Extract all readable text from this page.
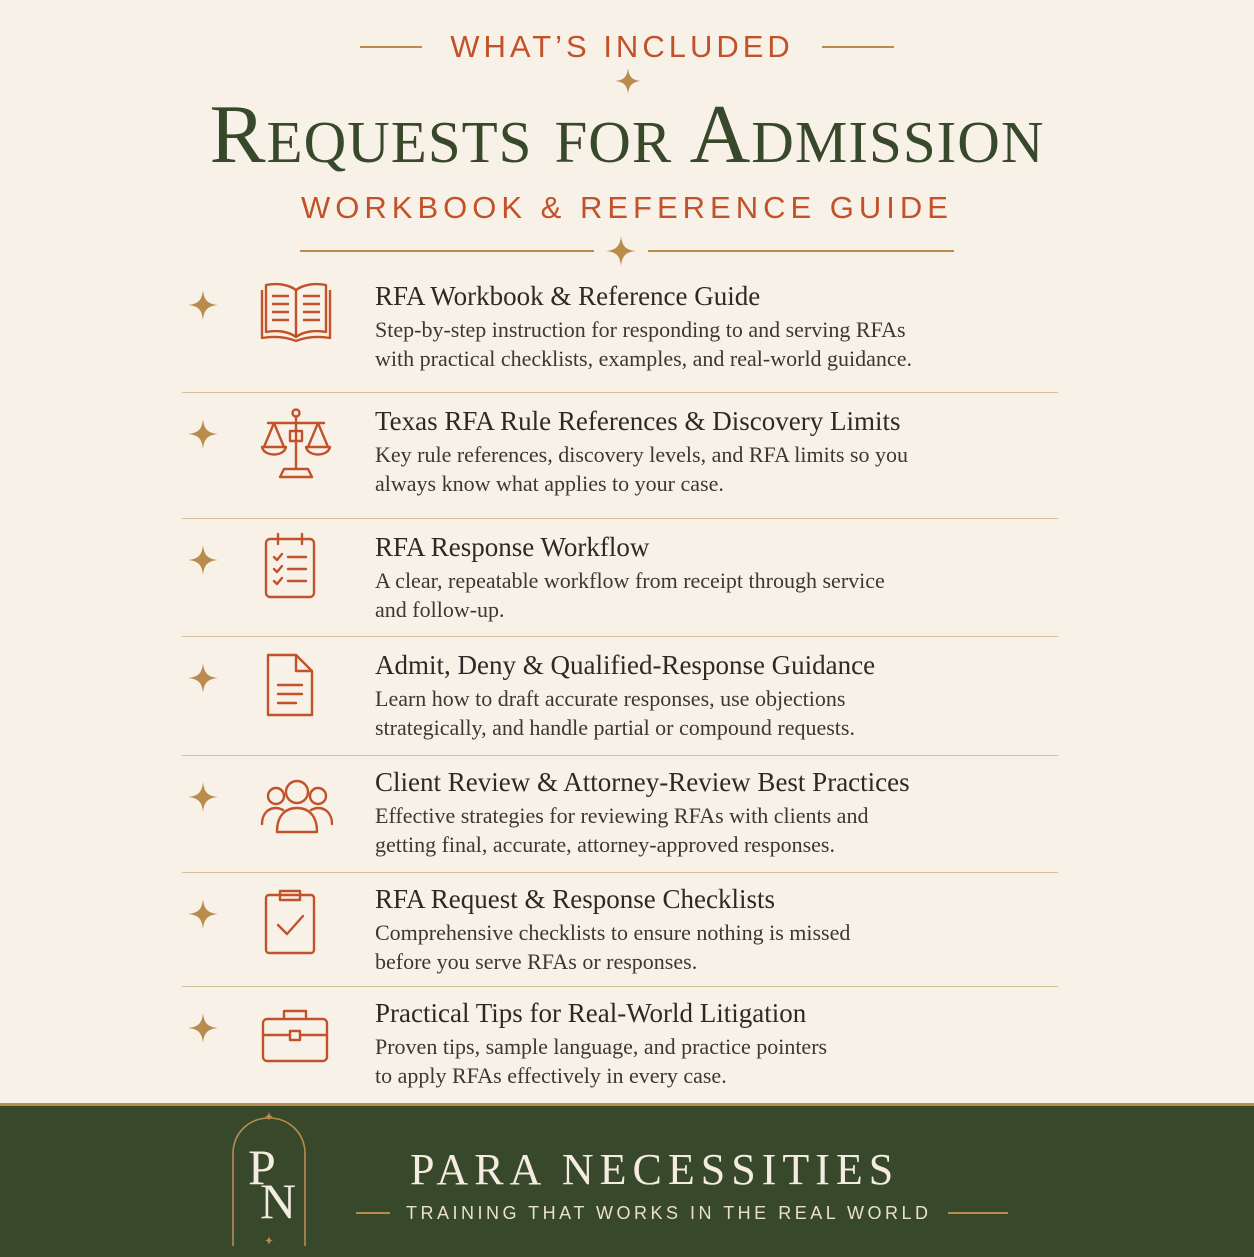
WHAT’S INCLUDED
Requests for Admission
WORKBOOK & REFERENCE GUIDE
RFA Workbook & Reference Guide
Step-by-step instruction for responding to and serving RFAs
with practical checklists, examples, and real-world guidance.
Texas RFA Rule References & Discovery Limits
Key rule references, discovery levels, and RFA limits so you
always know what applies to your case.
RFA Response Workflow
A clear, repeatable workflow from receipt through service
and follow-up.
Admit, Deny & Qualified-Response Guidance
Learn how to draft accurate responses, use objections
strategically, and handle partial or compound requests.
Client Review & Attorney-Review Best Practices
Effective strategies for reviewing RFAs with clients and
getting final, accurate, attorney-approved responses.
RFA Request & Response Checklists
Comprehensive checklists to ensure nothing is missed
before you serve RFAs or responses.
Practical Tips for Real-World Litigation
Proven tips, sample language, and practice pointers
to apply RFAs effectively in every case.
P
N
PARA NECESSITIES
TRAINING THAT WORKS IN THE REAL WORLD
